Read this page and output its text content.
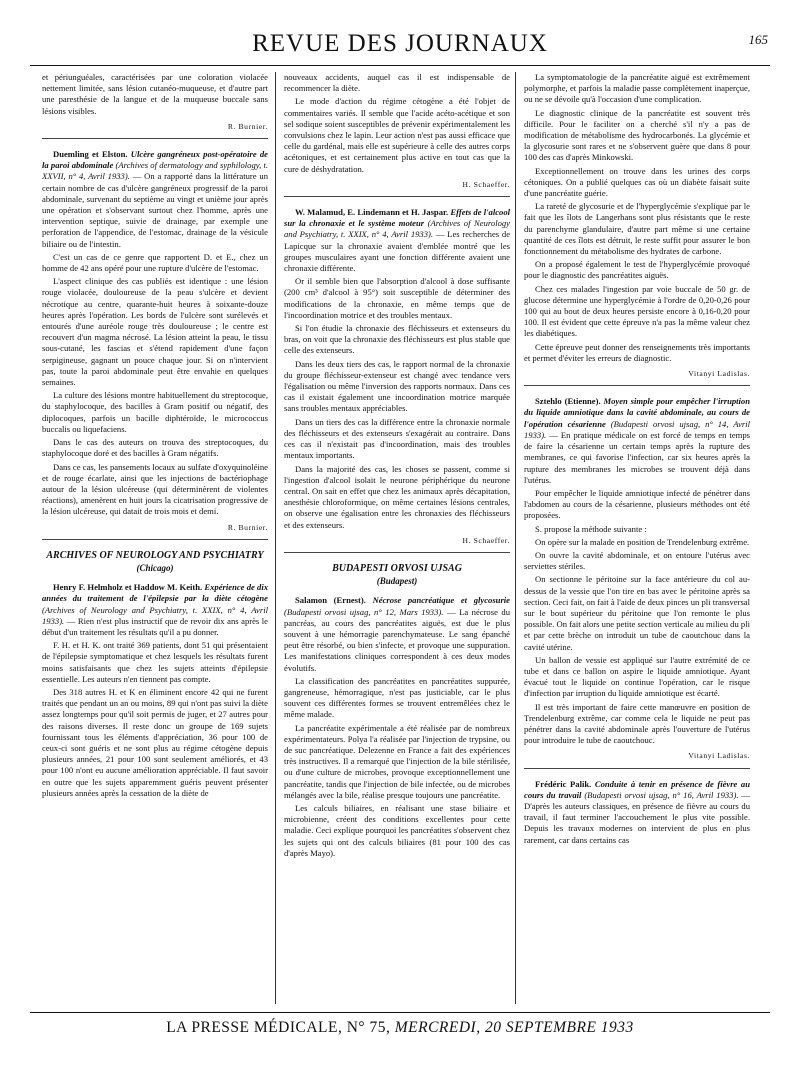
REVUE DES JOURNAUX	165

et périunguéales, caractérisées par une coloration violacée nettement limitée, sans lésion cutanéo-muqueuse, et d'autre part une paresthésie de la langue et de la muqueuse buccale sans lésions visibles.

R. Burnier.

Duemling et Elston. Ulcère gangréneux post-opératoire de la paroi abdominale (Archives of dermatology and syphilology, t. XXVII, n° 4, Avril 1933). — On a rapporté dans la littérature un certain nombre de cas d'ulcère gangréneux progressif de la paroi abdominale, survenant du septième au vingt et unième jour après une opération et s'observant surtout chez l'homme, après une intervention septique, suivie de drainage, par exemple une perforation de l'appendice, de l'estomac, drainage de la vésicule biliaire ou de l'intestin.

C'est un cas de ce genre que rapportent D. et E., chez un homme de 42 ans opéré pour une rupture d'ulcère de l'estomac.

L'aspect clinique des cas publiés est identique : une lésion rouge violacée, douloureuse de la peau s'ulcère et devient nécrotique au centre, quarante-huit heures à soixante-douze heures après l'opération. Les bords de l'ulcère sont surélevés et entourés d'une auréole rouge très douloureuse ; le centre est recouvert d'un magma nécrosé. La lésion atteint la peau, le tissu sous-cutané, les fascias et s'étend rapidement d'une façon serpigineuse, gagnant un pouce chaque jour. Si on n'intervient pas, toute la paroi abdominale peut être envahie en quelques semaines.

La culture des lésions montre habituellement du streptocoque, du staphylocoque, des bacilles à Gram positif ou négatif, des diplocoques, parfois un bacille diphtéroïde, le micrococcus buccalis ou liquefaciens.

Dans le cas des auteurs on trouva des streptocoques, du staphylocoque doré et des bacilles à Gram négatifs.

Dans ce cas, les pansements locaux au sulfate d'oxyquinoléine et de rouge écarlate, ainsi que les injections de bactériophage autour de la lésion ulcéreuse (qui déterminèrent de violentes réactions), amenèrent en huit jours la cicatrisation progressive de la lésion ulcéreuse, qui datait de trois mois et demi.

R. Burnier.
ARCHIVES OF NEUROLOGY AND PSYCHIATRY
(Chicago)

Henry F. Helmholz et Haddow M. Keith. Expérience de dix années du traitement de l'épilepsie par la diète cétogène (Archives of Neurology and Psychiatry, t. XXIX, n° 4, Avril 1933). — Rien n'est plus instructif que de revoir dix ans après le début d'un traitement les résultats qu'il a pu donner.

F. H. et H. K. ont traité 369 patients, dont 51 qui présentaient de l'épilepsie symptomatique et chez lesquels les résultats furent moins satisfaisants que chez les sujets atteints d'épilepsie essentielle. Les auteurs n'en tiennent pas compte.

Des 318 autres H. et K en éliminent encore 42 qui ne furent traités que pendant un an ou moins, 89 qui n'ont pas suivi la diète assez longtemps pour qu'il soit permis de juger, et 27 autres pour des raisons diverses. Il reste donc un groupe de 169 sujets fournissant tous les éléments d'appréciation, 36 pour 100 de ceux-ci sont guéris et ne sont plus au régime cétogène depuis plusieurs années, 21 pour 100 sont seulement améliorés, et 43 pour 100 n'ont eu aucune amélioration appréciable. Il faut savoir en outre que les sujets apparemment guéris peuvent présenter plusieurs années après la cessation de la diète de

nouveaux accidents, auquel cas il est indispensable de recommencer la diète.

Le mode d'action du régime cétogène a été l'objet de commentaires variés. Il semble que l'acide acéto-acétique et son sel sodique soient susceptibles de prévenir expérimentalement les convulsions chez le lapin. Leur action n'est pas aussi efficace que celle du gardénal, mais elle est supérieure à celle des autres corps acétoniques, et est certainement plus active en tout cas que la cure de déshydratation.

H. Schaeffer.

W. Malamud, E. Lindemann et H. Jaspar. Effets de l'alcool sur la chronaxie et le système moteur (Archives of Neurology and Psychiatry, t. XXIX, n° 4, Avril 1933). — Les recherches de Lapicque sur la chronaxie avaient d'emblée montré que les groupes musculaires ayant une fonction différente avaient une chronaxie différente.

Or il semble bien que l'absorption d'alcool à dose suffisante (200 cm³ d'alcool à 95°) soit susceptible de déterminer des modifications de la chronaxie, en même temps que de l'incoordination motrice et des troubles mentaux.

Si l'on étudie la chronaxie des fléchisseurs et extenseurs du bras, on voit que la chronaxie des fléchisseurs est plus stable que celle des extenseurs.

Dans les deux tiers des cas, le rapport normal de la chronaxie du groupe fléchisseur-extenseur est changé avec tendance vers l'égalisation ou même l'inversion des rapports normaux. Dans ces cas il existait également une incoordination motrice marquée sans troubles mentaux appréciables.

Dans un tiers des cas la différence entre la chronaxie normale des fléchisseurs et des extenseurs s'exagérait au contraire. Dans ces cas il n'existait pas d'incoordination, mais des troubles mentaux importants.

Dans la majorité des cas, les choses se passent, comme si l'ingestion d'alcool isolait le neurone périphérique du neurone central. On sait en effet que chez les animaux après décapitation, anesthésie chloroformique, on même certaines lésions centrales, on observe une égalisation entre les chronaxies des fléchisseurs et des extenseurs.

H. Schaeffer.
BUDAPESTI ORVOSI UJSAG
(Budapest)

Salamon (Ernest). Nécrose pancréatique et glycosurie (Budapesti orvosi ujsag, n° 12, Mars 1933). — La nécrose du pancréas, au cours des pancréatites aiguës, est due le plus souvent à une hémorragie parenchymateuse. Le sang épanché peut être résorbé, ou bien s'infecte, et provoque une suppuration. Les manifestations cliniques correspondent à ces deux modes évolutifs.

La classification des pancréatites en pancréatites suppurée, gangreneuse, hémorragique, n'est pas justiciable, car le plus souvent ces différentes formes se trouvent entremêlées chez le même malade.

La pancréatite expérimentale a été réalisée par de nombreux expérimentateurs. Polya l'a réalisée par l'injection de trypsine, ou de suc pancréatique. Delezenne en France a fait des expériences très instructives. Il a remarqué que l'injection de la bile stérilisée, ou d'une culture de microbes, provoque exceptionnellement une pancréatite, tandis que l'injection de bile infectée, ou de microbes mélangés avec la bile, réalise presque toujours une pancréatite.

Les calculs biliaires, en réalisant une stase biliaire et microbienne, créent des conditions excellentes pour cette maladie. Ceci explique pourquoi les pancréatites s'observent chez les sujets qui ont des calculs biliaires (81 pour 100 des cas d'après Mayo).

La symptomatologie de la pancréatite aiguë est extrêmement polymorphe, et parfois la maladie passe complètement inaperçue, ou ne se dévoile qu'à l'occasion d'une complication.

Le diagnostic clinique de la pancréatite est souvent très difficile. Pour le faciliter on a cherché s'il n'y a pas de modification de métabolisme des hydrocarbonés. La glycémie et la glycosurie sont rares et ne s'observent guère que dans 8 pour 100 des cas d'après Minkowski.

Exceptionnellement on trouve dans les urines des corps cétoniques. On a publié quelques cas où un diabète faisait suite d'une pancréatite guérie.

La rareté de glycosurie et de l'hyperglycémie s'explique par le fait que les îlots de Langerhans sont plus résistants que le reste du parenchyme glandulaire, d'autre part même si une certaine quantité de ces îlots est détruit, le reste suffit pour assurer le bon fonctionnement du métabolisme des hydrates de carbone.

On a proposé également le test de l'hyperglycémie provoqué pour le diagnostic des pancréatites aiguës.

Chez ces malades l'ingestion par voie buccale de 50 gr. de glucose détermine une hyperglycémie à l'ordre de 0,20-0,26 pour 100 qui au bout de deux heures persiste encore à 0,16-0,20 pour 100. Il est évident que cette épreuve n'a pas la même valeur chez les diabétiques.

Cette épreuve peut donner des renseignements très importants et permet d'éviter les erreurs de diagnostic.

Vitanyi Ladislas.

Sztehlo (Etienne). Moyen simple pour empêcher l'irruption du liquide amniotique dans la cavité abdominale, au cours de l'opération césarienne (Budapesti orvosi ujsag, n° 14, Avril 1933). — En pratique médicale on est forcé de temps en temps de faire la césarienne un certain temps après la rupture des membranes, ce qui favorise l'infection, car six heures après la rupture des membranes les microbes se trouvent déjà dans l'utérus.

Pour empêcher le liquide amniotique infecté de pénétrer dans l'abdomen au cours de la césarienne, plusieurs méthodes ont été proposées.

S. propose la méthode suivante :

On opère sur la malade en position de Trendelenburg extrême.

On ouvre la cavité abdominale, et on entoure l'utérus avec serviettes stériles.

On sectionne le péritoine sur la face antérieure du col au-dessus de la vessie que l'on tire en bas avec le péritoine après sa section. Ceci fait, on fait à l'aide de deux pinces un pli transversal sur le bout supérieur du péritoine que l'on remonte le plus possible. On fait alors une petite section verticale au milieu du pli et par cette brèche on introduit un tube de caoutchouc dans la cavité utérine.

Un ballon de vessie est appliqué sur l'autre extrémité de ce tube et dans ce ballon on aspire le liquide amniotique. Ayant évacué tout le liquide on continue l'opération, car le risque d'infection par irruption du liquide amniotique est écarté.

Il est très important de faire cette manœuvre en position de Trendelenburg extrême, car comme cela le liquide ne peut pas pénétrer dans la cavité abdominale après l'ouverture de l'utérus pour introduire le tube de caoutchouc.

Vitanyi Ladislas.

Frédéric Palik. Conduite à tenir en présence de fièvre au cours du travail (Budapesti orvosi ujsag, n° 16, Avril 1933). — D'après les auteurs classiques, en présence de fièvre au cours du travail, il faut terminer l'accouchement le plus vite possible. Depuis les travaux modernes on intervient de plus en plus rarement, car dans certains cas

LA PRESSE MÉDICALE, N° 75, MERCREDI, 20 SEPTEMBRE 1933
